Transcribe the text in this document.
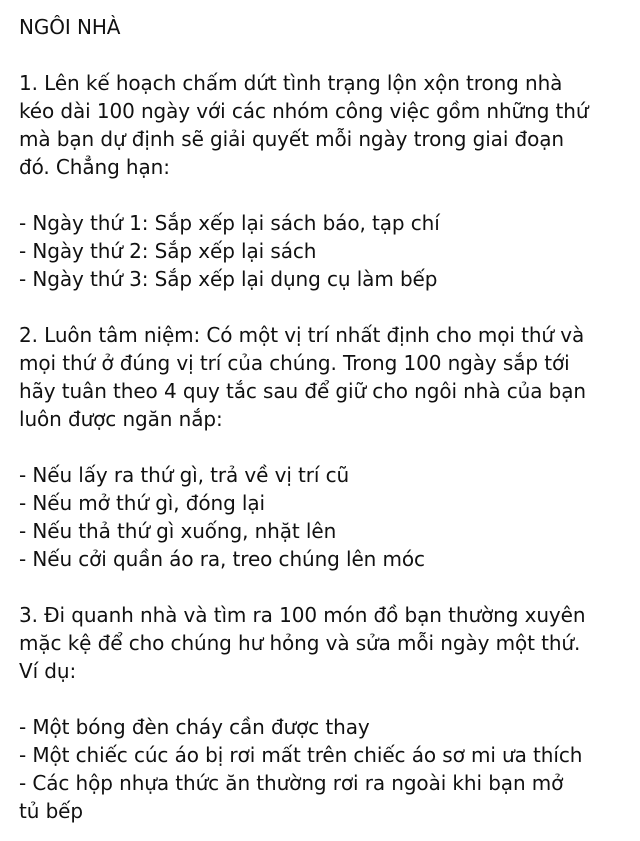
NGÔI NHÀ
1. Lên kế hoạch chấm dứt tình trạng lộn xộn trong nhà
kéo dài 100 ngày với các nhóm công việc gồm những thứ
mà bạn dự định sẽ giải quyết mỗi ngày trong giai đoạn
đó. Chẳng hạn:
- Ngày thứ 1: Sắp xếp lại sách báo, tạp chí
- Ngày thứ 2: Sắp xếp lại sách
- Ngày thứ 3: Sắp xếp lại dụng cụ làm bếp
2. Luôn tâm niệm: Có một vị trí nhất định cho mọi thứ và
mọi thứ ở đúng vị trí của chúng. Trong 100 ngày sắp tới
hãy tuân theo 4 quy tắc sau để giữ cho ngôi nhà của bạn
luôn được ngăn nắp:
- Nếu lấy ra thứ gì, trả về vị trí cũ
- Nếu mở thứ gì, đóng lại
- Nếu thả thứ gì xuống, nhặt lên
- Nếu cởi quần áo ra, treo chúng lên móc
3. Đi quanh nhà và tìm ra 100 món đồ bạn thường xuyên
mặc kệ để cho chúng hư hỏng và sửa mỗi ngày một thứ.
Ví dụ:
- Một bóng đèn cháy cần được thay
- Một chiếc cúc áo bị rơi mất trên chiếc áo sơ mi ưa thích
- Các hộp nhựa thức ăn thường rơi ra ngoài khi bạn mở
tủ bếp
